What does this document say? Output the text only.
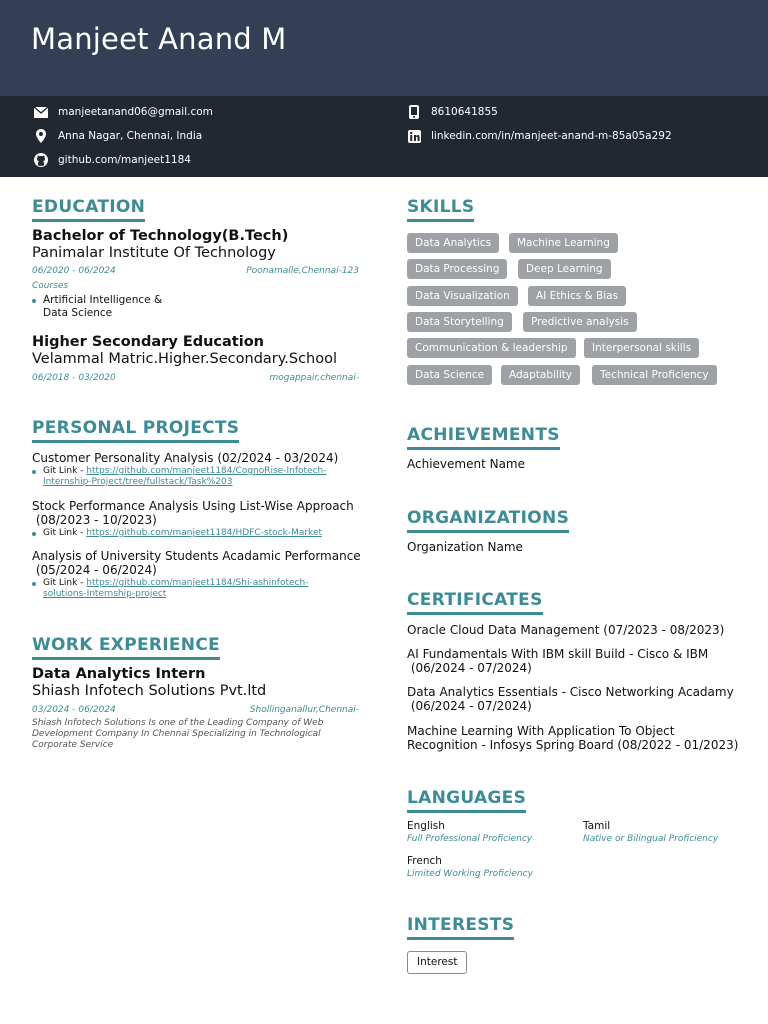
Manjeet Anand M
manjeetanand06@gmail.com	8610641855
Anna Nagar, Chennai, India	linkedin.com/in/manjeet-anand-m-85a05a292
github.com/manjeet1184
EDUCATION
Bachelor of Technology(B.Tech)
Panimalar Institute Of Technology
06/2020 - 06/2024	Poonamalle,Chennai-123
Courses
Artificial Intelligence &
Data Science
Higher Secondary Education
Velammal Matric.Higher.Secondary.School
06/2018 - 03/2020	mogappair,chennai-
PERSONAL PROJECTS
Customer Personality Analysis (02/2024 - 03/2024)
Git Link - https://github.com/manjeet1184/CognoRise-Infotech-
Internship-Project/tree/fullstack/Task%203
Stock Performance Analysis Using List-Wise Approach
(08/2023 - 10/2023)
Git Link - https://github.com/manjeet1184/HDFC-stock-Market
Analysis of University Students Acadamic Performance
(05/2024 - 06/2024)
Git Link - https://github.com/manjeet1184/Shi-ashinfotech-
solutions-Internship-project
WORK EXPERIENCE
Data Analytics Intern
Shiash Infotech Solutions Pvt.ltd
03/2024 - 06/2024	Shollinganallur,Chennai-
Shiash Infotech Solutions Is one of the Leading Company of Web
Development Company In Chennai Specializing in Technological
Corporate Service
SKILLS
Data Analytics	Machine Learning
Data Processing	Deep Learning
Data Visualization	AI Ethics & Bias
Data Storytelling	Predictive analysis
Communication & leadership	Interpersonal skills
Data Science	Adaptability	Technical Proficiency
ACHIEVEMENTS
Achievement Name
ORGANIZATIONS
Organization Name
CERTIFICATES
Oracle Cloud Data Management (07/2023 - 08/2023)
AI Fundamentals With IBM skill Build - Cisco & IBM
(06/2024 - 07/2024)
Data Analytics Essentials - Cisco Networking Acadamy
(06/2024 - 07/2024)
Machine Learning With Application To Object
Recognition - Infosys Spring Board (08/2022 - 01/2023)
LANGUAGES
English
Full Professional Proficiency
Tamil
Native or Bilingual Proficiency
French
Limited Working Proficiency
INTERESTS
Interest
